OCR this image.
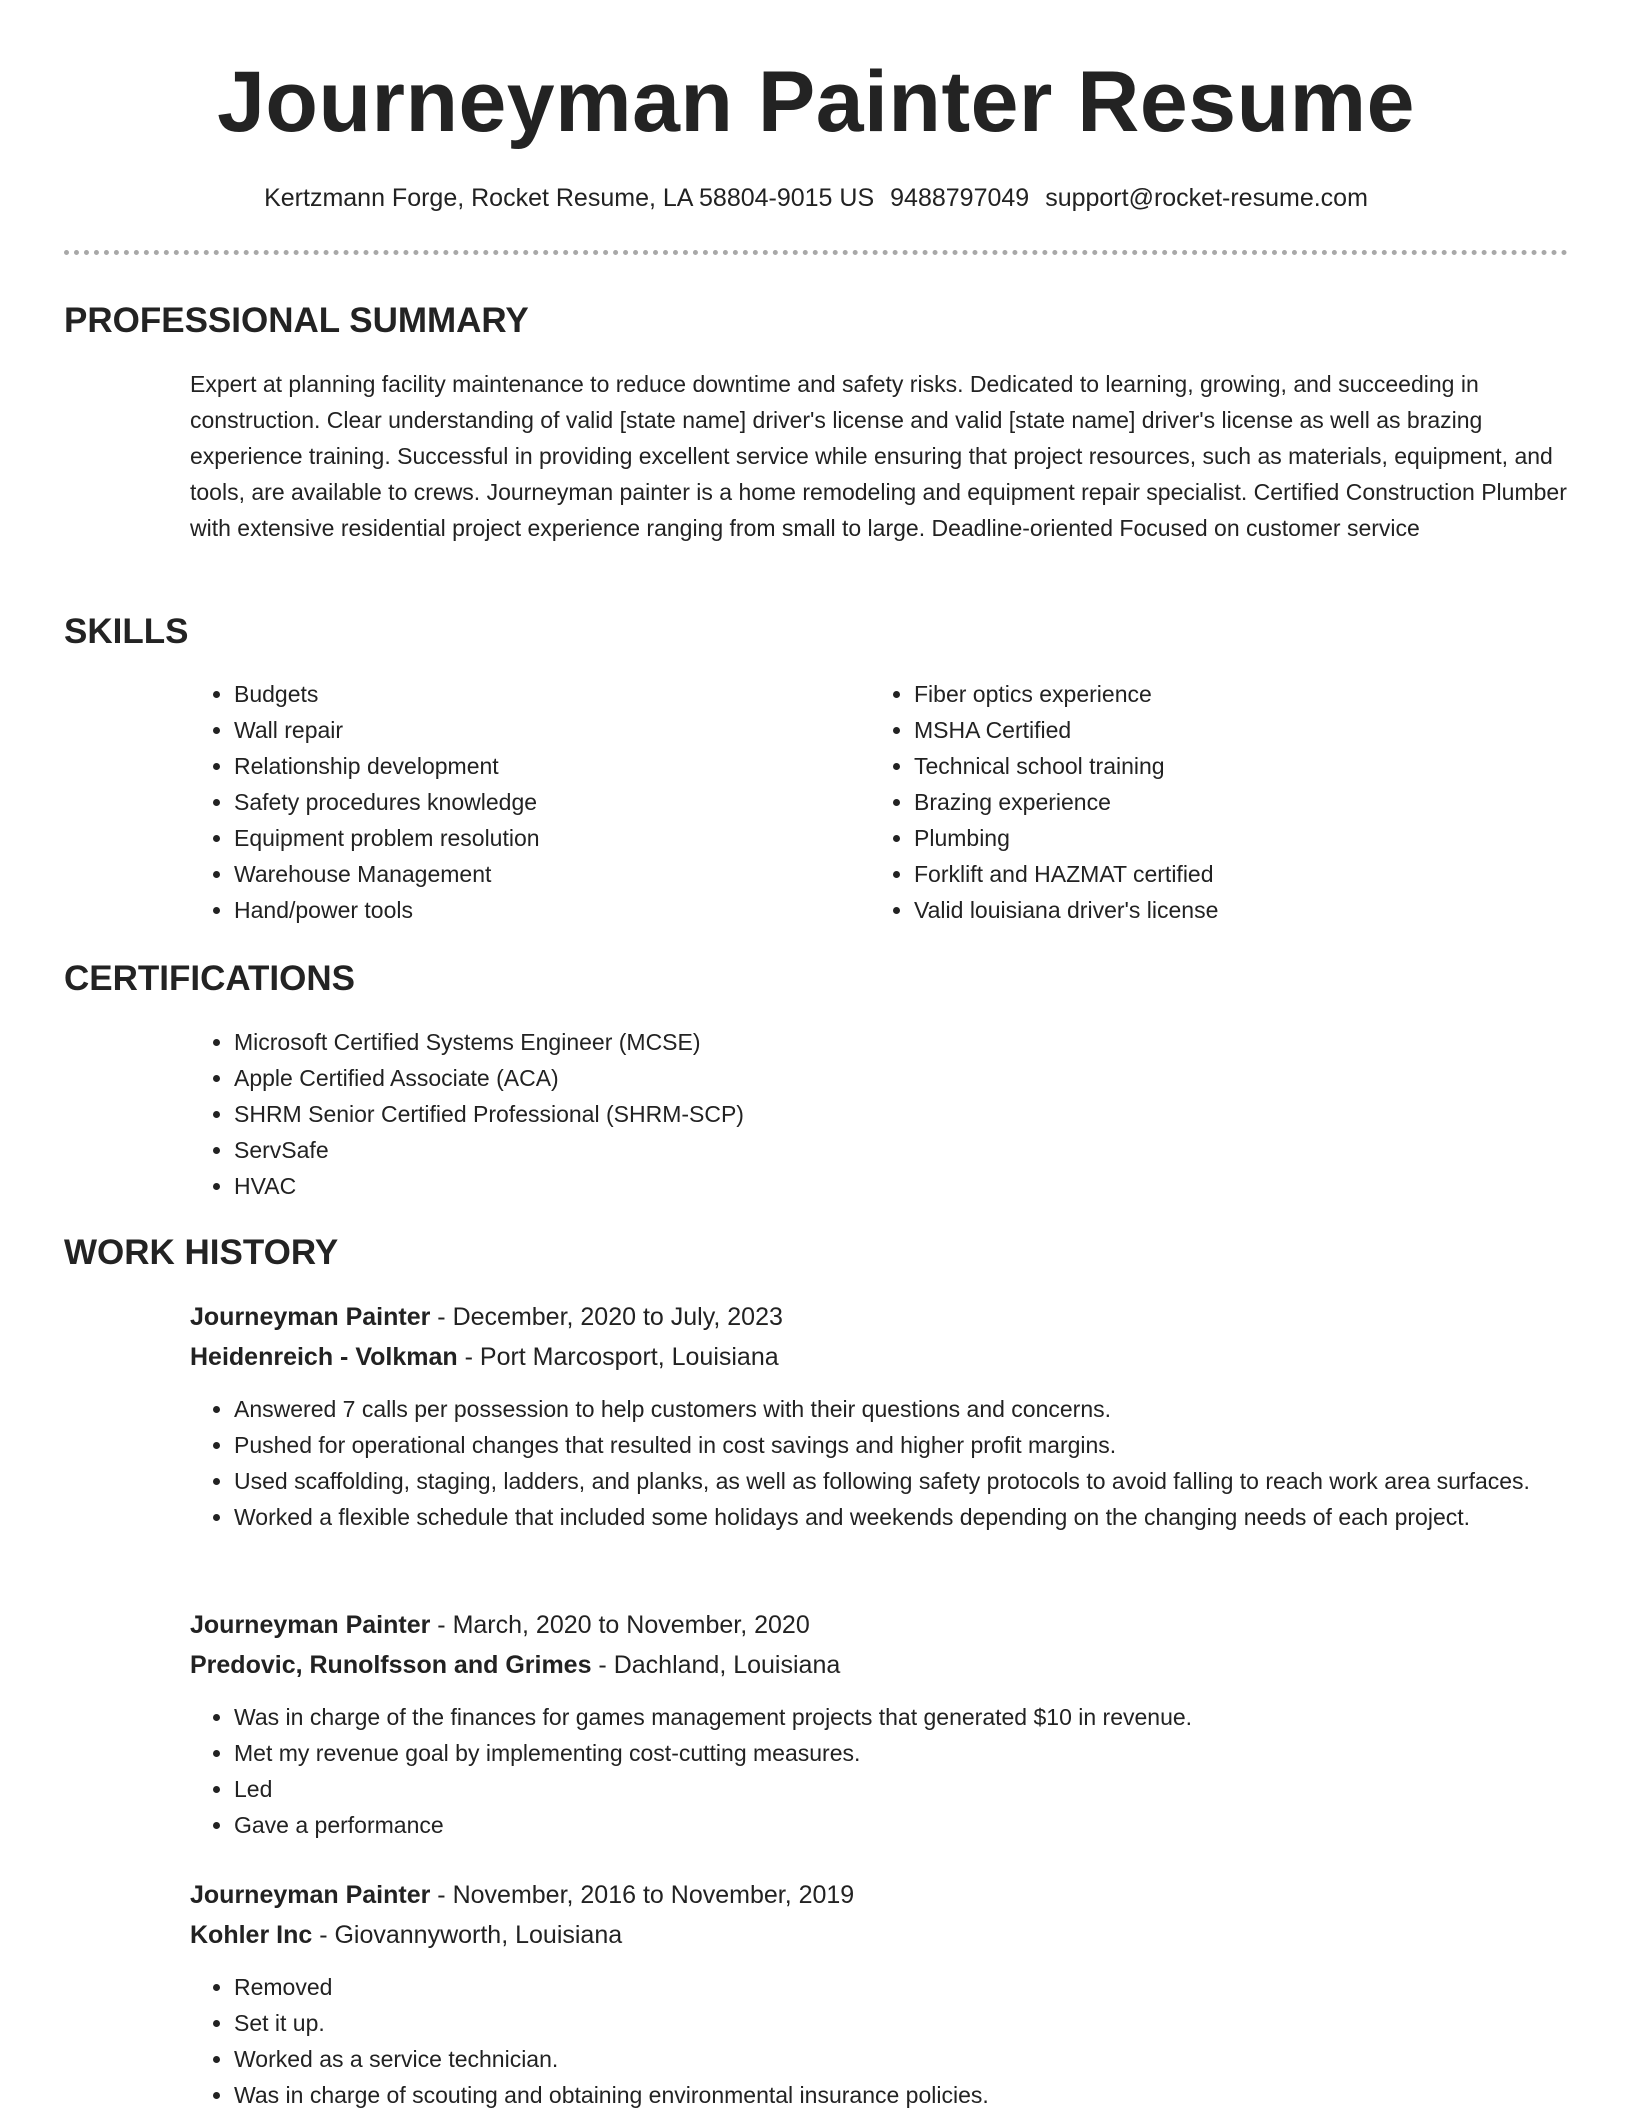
Journeyman Painter Resume
Kertzmann Forge, Rocket Resume, LA 58804-9015 US 9488797049 support@rocket-resume.com
PROFESSIONAL SUMMARY

Expert at planning facility maintenance to reduce downtime and safety risks. Dedicated to learning, growing, and succeeding in construction. Clear understanding of valid [state name] driver's license and valid [state name] driver's license as well as brazing experience training. Successful in providing excellent service while ensuring that project resources, such as materials, equipment, and tools, are available to crews. Journeyman painter is a home remodeling and equipment repair specialist. Certified Construction Plumber with extensive residential project experience ranging from small to large. Deadline-oriented Focused on customer service

SKILLS
• Budgets
• Wall repair
• Relationship development
• Safety procedures knowledge
• Equipment problem resolution
• Warehouse Management
• Hand/power tools
• Fiber optics experience
• MSHA Certified
• Technical school training
• Brazing experience
• Plumbing
• Forklift and HAZMAT certified
• Valid louisiana driver's license
CERTIFICATIONS
• Microsoft Certified Systems Engineer (MCSE)
• Apple Certified Associate (ACA)
• SHRM Senior Certified Professional (SHRM-SCP)
• ServSafe
• HVAC
WORK HISTORY
Journeyman Painter - December, 2020 to July, 2023
Heidenreich - Volkman - Port Marcosport, Louisiana
• Answered 7 calls per possession to help customers with their questions and concerns.
• Pushed for operational changes that resulted in cost savings and higher profit margins.
• Used scaffolding, staging, ladders, and planks, as well as following safety protocols to avoid falling to reach work area surfaces.
• Worked a flexible schedule that included some holidays and weekends depending on the changing needs of each project.
Journeyman Painter - March, 2020 to November, 2020
Predovic, Runolfsson and Grimes - Dachland, Louisiana
• Was in charge of the finances for games management projects that generated $10 in revenue.
• Met my revenue goal by implementing cost-cutting measures.
• Led
• Gave a performance
Journeyman Painter - November, 2016 to November, 2019
Kohler Inc - Giovannyworth, Louisiana
• Removed
• Set it up.
• Worked as a service technician.
• Was in charge of scouting and obtaining environmental insurance policies.
